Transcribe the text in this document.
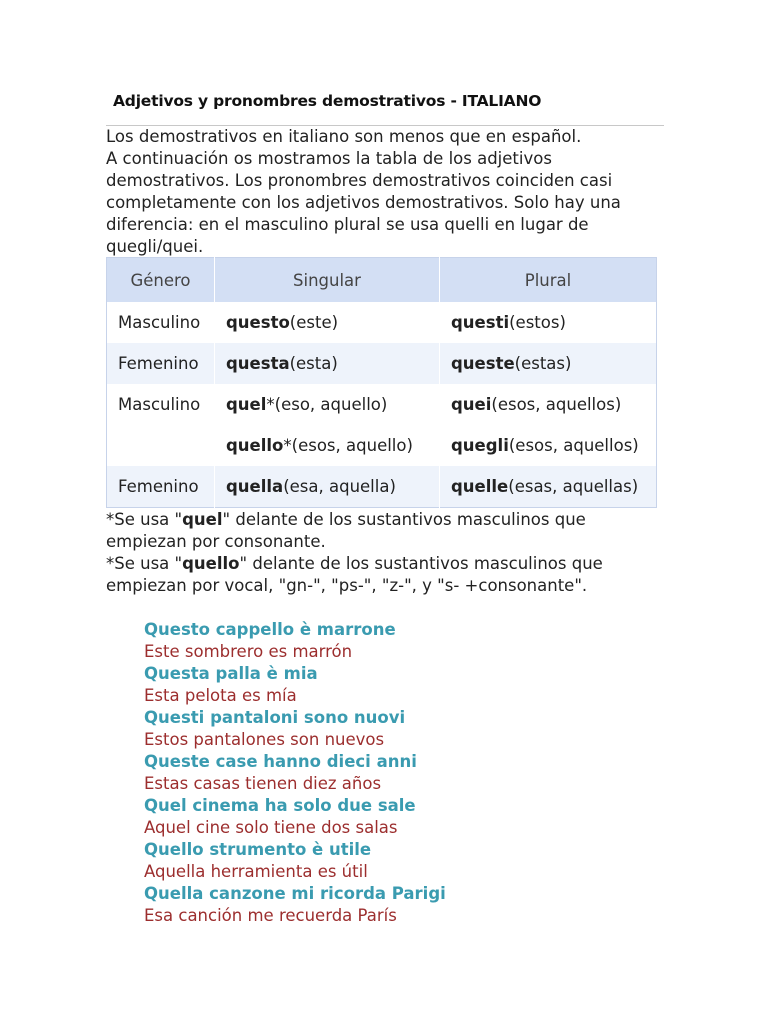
Adjetivos y pronombres demostrativos - ITALIANO

Los demostrativos en italiano son menos que en español.

A continuación os mostramos la tabla de los adjetivos demostrativos. Los pronombres demostrativos coinciden casi completamente con los adjetivos demostrativos. Solo hay una diferencia: en el masculino plural se usa quelli en lugar de quegli/quei.

Género	Singular	Plural
Masculino	questo(este)	questi(estos)
Femenino	questa(esta)	queste(estas)
Masculino	quel*(eso, aquello)	quei(esos, aquellos)
	quello*(esos, aquello)	quegli(esos, aquellos)
Femenino	quella(esa, aquella)	quelle(esas, aquellas)

*Se usa "quel" delante de los sustantivos masculinos que empiezan por consonante.

*Se usa "quello" delante de los sustantivos masculinos que empiezan por vocal, "gn-", "ps-", "z-", y "s- +consonante".

Questo cappello è marrone
Este sombrero es marrón
Questa palla è mia
Esta pelota es mía
Questi pantaloni sono nuovi
Estos pantalones son nuevos
Queste case hanno dieci anni
Estas casas tienen diez años
Quel cinema ha solo due sale
Aquel cine solo tiene dos salas
Quello strumento è utile
Aquella herramienta es útil
Quella canzone mi ricorda Parigi
Esa canción me recuerda París
